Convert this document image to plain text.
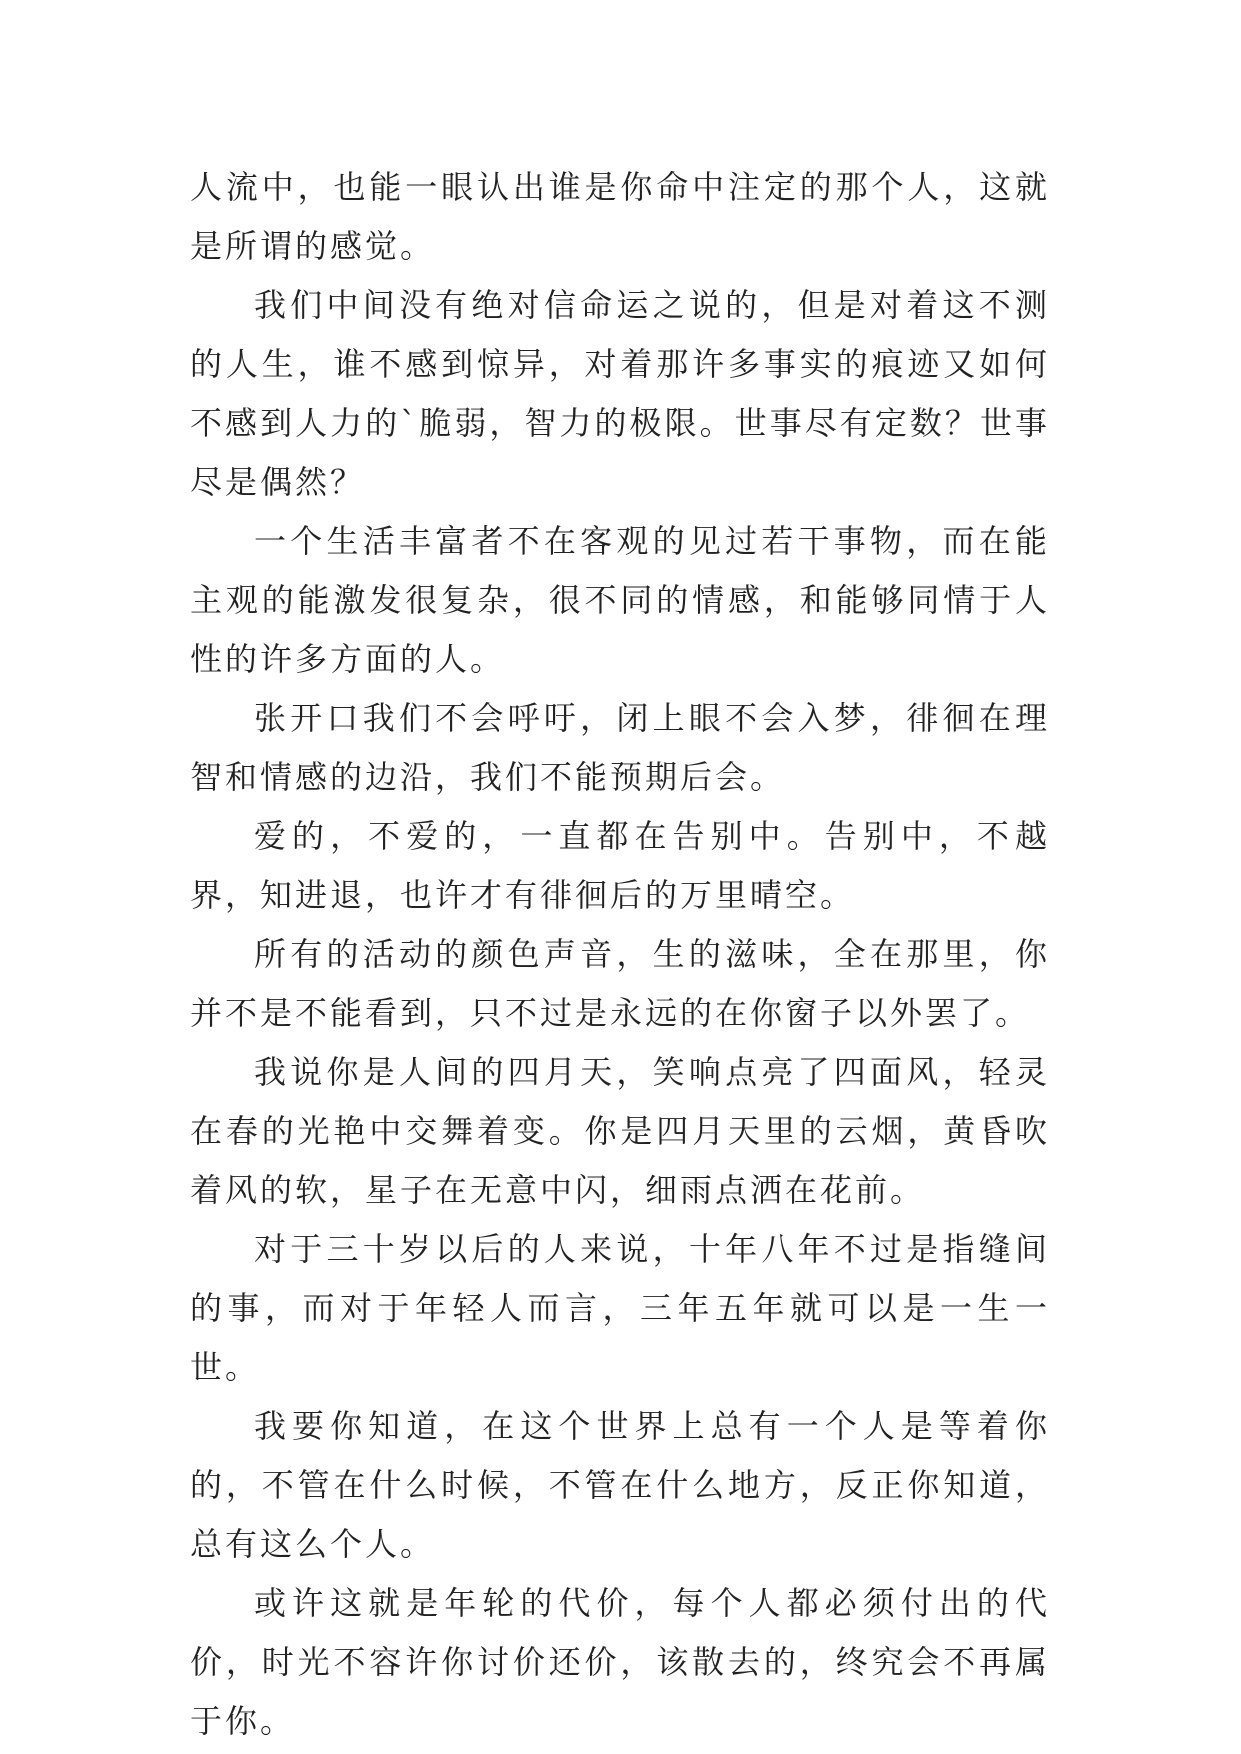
人流中，也能一眼认出谁是你命中注定的那个人，这就是所谓的感觉。

我们中间没有绝对信命运之说的，但是对着这不测的人生，谁不感到惊异，对着那许多事实的痕迹又如何不感到人力的`脆弱，智力的极限。世事尽有定数？世事尽是偶然？

一个生活丰富者不在客观的见过若干事物，而在能主观的能激发很复杂，很不同的情感，和能够同情于人性的许多方面的人。

张开口我们不会呼吁，闭上眼不会入梦，徘徊在理智和情感的边沿，我们不能预期后会。

爱的，不爱的，一直都在告别中。告别中，不越界，知进退，也许才有徘徊后的万里晴空。

所有的活动的颜色声音，生的滋味，全在那里，你并不是不能看到，只不过是永远的在你窗子以外罢了。

我说你是人间的四月天，笑响点亮了四面风，轻灵在春的光艳中交舞着变。你是四月天里的云烟，黄昏吹着风的软，星子在无意中闪，细雨点洒在花前。

对于三十岁以后的人来说，十年八年不过是指缝间的事，而对于年轻人而言，三年五年就可以是一生一世。

我要你知道，在这个世界上总有一个人是等着你的，不管在什么时候，不管在什么地方，反正你知道，总有这么个人。

或许这就是年轮的代价，每个人都必须付出的代价，时光不容许你讨价还价，该散去的，终究会不再属于你。
